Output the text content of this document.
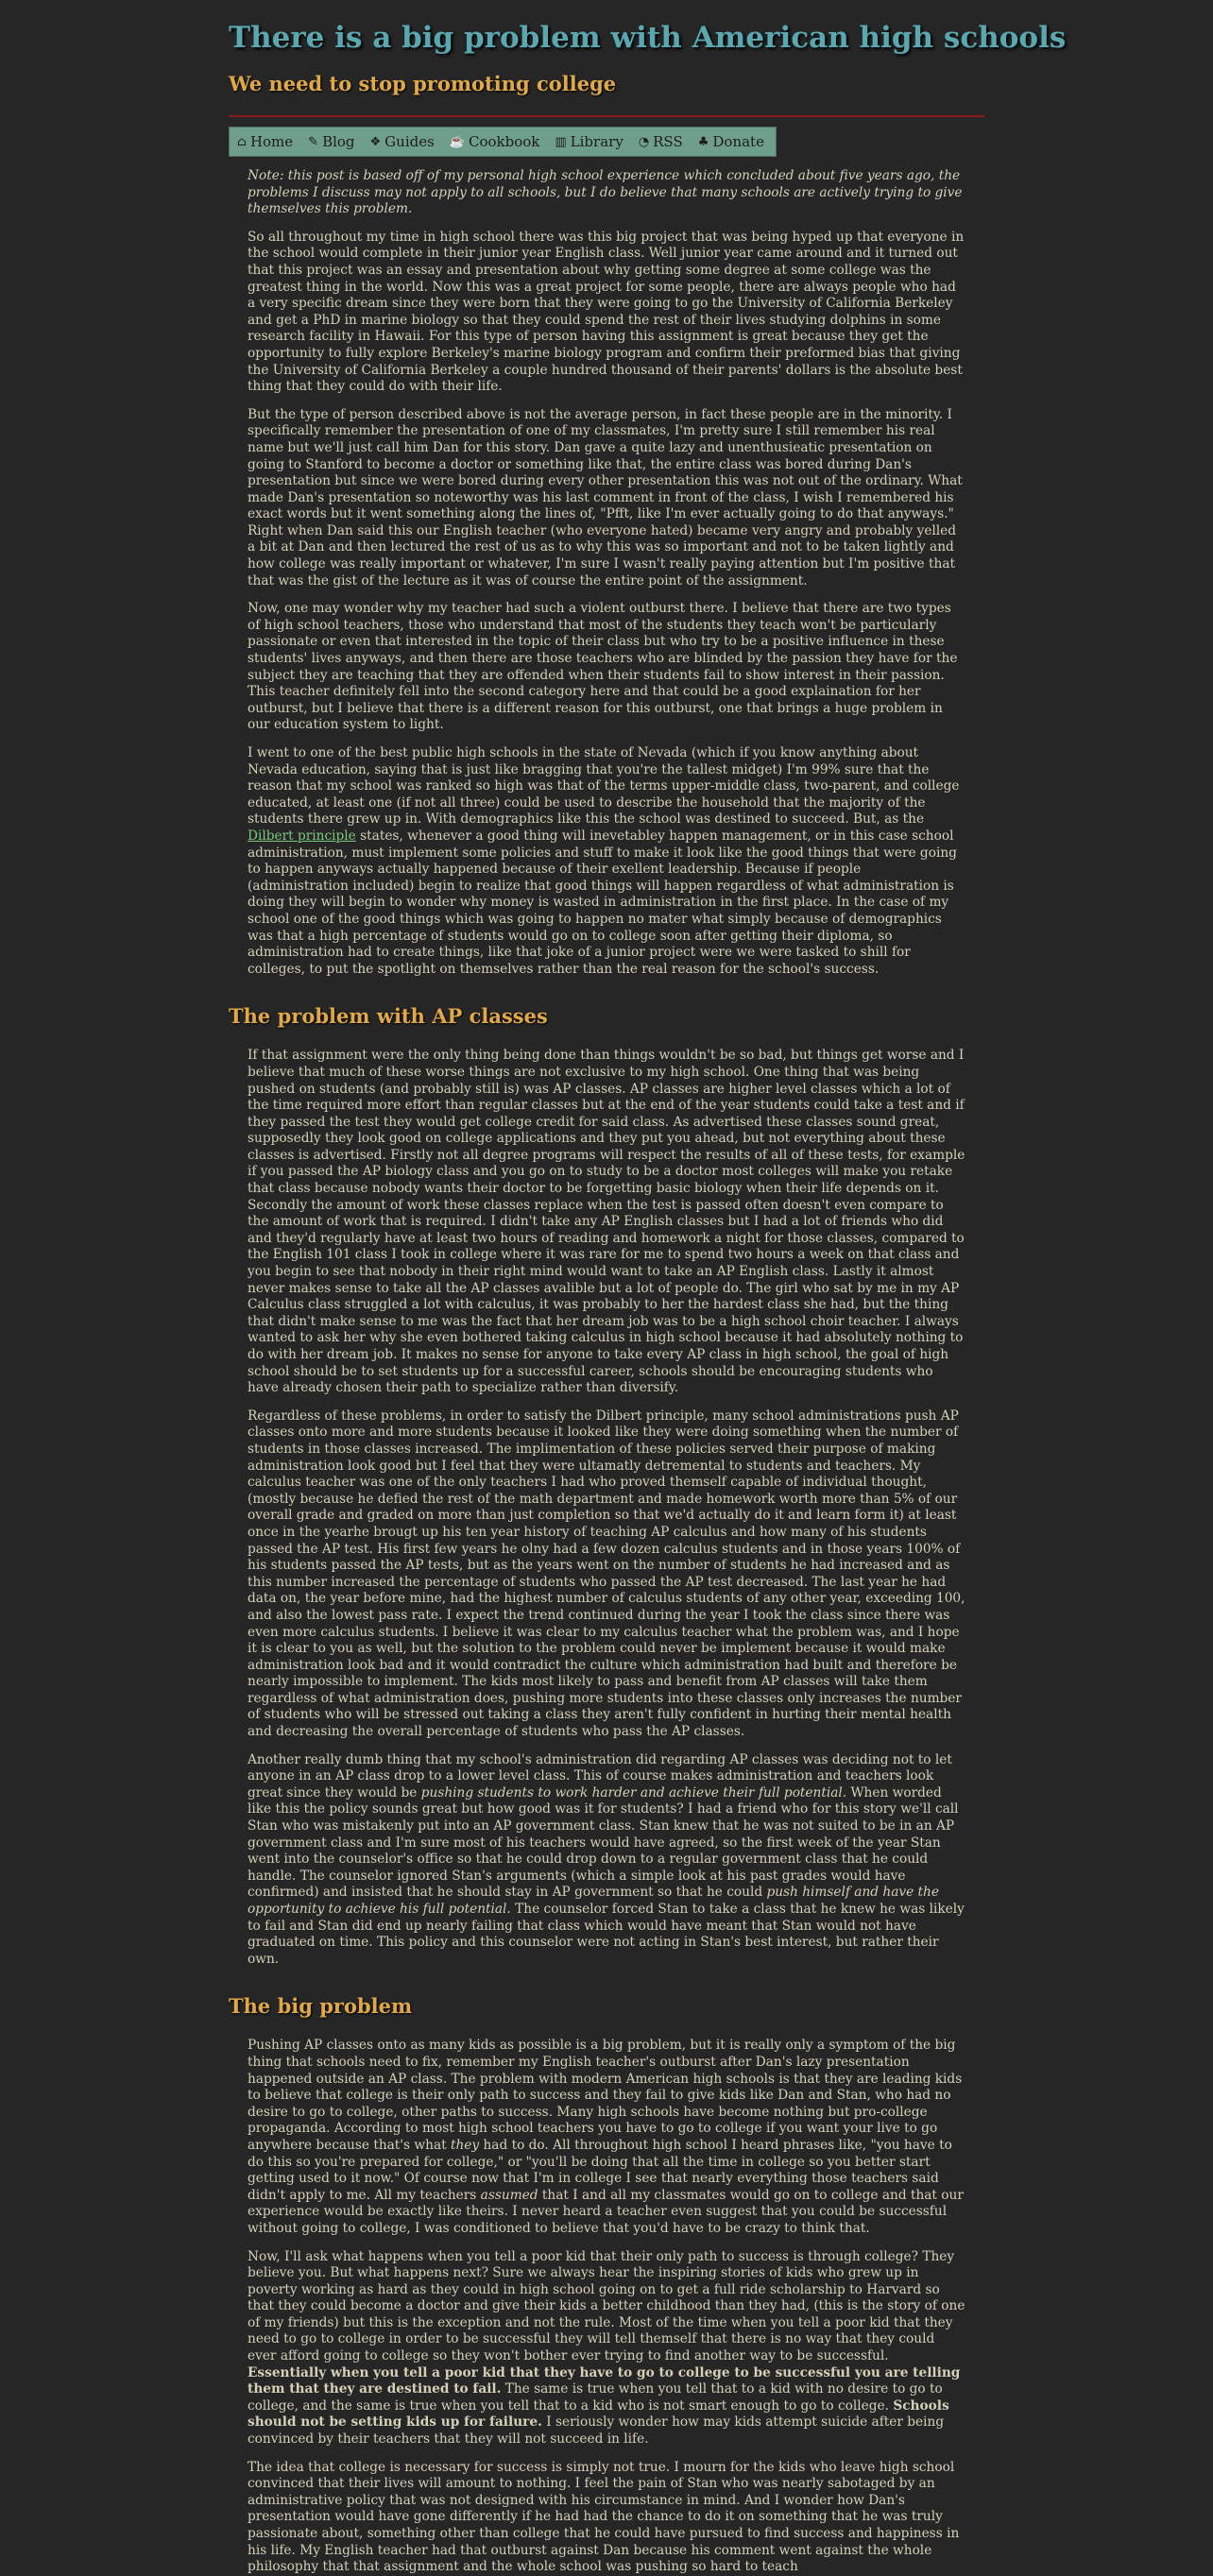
There is a big problem with American high schools
We need to stop promoting college
⌂ Home ✎ Blog ❖ Guides ☕ Cookbook ▥ Library ◔ RSS ♣ Donate

Note: this post is based off of my personal high school experience which concluded about five years ago, the problems I discuss may not apply to all schools, but I do believe that many schools are actively trying to give themselves this problem.

So all throughout my time in high school there was this big project that was being hyped up that everyone in the school would complete in their junior year English class. Well junior year came around and it turned out that this project was an essay and presentation about why getting some degree at some college was the greatest thing in the world. Now this was a great project for some people, there are always people who had a very specific dream since they were born that they were going to go the University of California Berkeley and get a PhD in marine biology so that they could spend the rest of their lives studying dolphins in some research facility in Hawaii. For this type of person having this assignment is great because they get the opportunity to fully explore Berkeley's marine biology program and confirm their preformed bias that giving the University of California Berkeley a couple hundred thousand of their parents' dollars is the absolute best thing that they could do with their life.

But the type of person described above is not the average person, in fact these people are in the minority. I specifically remember the presentation of one of my classmates, I'm pretty sure I still remember his real name but we'll just call him Dan for this story. Dan gave a quite lazy and unenthusieatic presentation on going to Stanford to become a doctor or something like that, the entire class was bored during Dan's presentation but since we were bored during every other presentation this was not out of the ordinary. What made Dan's presentation so noteworthy was his last comment in front of the class, I wish I remembered his exact words but it went something along the lines of, "Pfft, like I'm ever actually going to do that anyways." Right when Dan said this our English teacher (who everyone hated) became very angry and probably yelled a bit at Dan and then lectured the rest of us as to why this was so important and not to be taken lightly and how college was really important or whatever, I'm sure I wasn't really paying attention but I'm positive that that was the gist of the lecture as it was of course the entire point of the assignment.

Now, one may wonder why my teacher had such a violent outburst there. I believe that there are two types of high school teachers, those who understand that most of the students they teach won't be particularly passionate or even that interested in the topic of their class but who try to be a positive influence in these students' lives anyways, and then there are those teachers who are blinded by the passion they have for the subject they are teaching that they are offended when their students fail to show interest in their passion. This teacher definitely fell into the second category here and that could be a good explaination for her outburst, but I believe that there is a different reason for this outburst, one that brings a huge problem in our education system to light.

I went to one of the best public high schools in the state of Nevada (which if you know anything about Nevada education, saying that is just like bragging that you're the tallest midget) I'm 99% sure that the reason that my school was ranked so high was that of the terms upper-middle class, two-parent, and college educated, at least one (if not all three) could be used to describe the household that the majority of the students there grew up in. With demographics like this the school was destined to succeed. But, as the Dilbert principle states, whenever a good thing will inevetabley happen management, or in this case school administration, must implement some policies and stuff to make it look like the good things that were going to happen anyways actually happened because of their exellent leadership. Because if people (administration included) begin to realize that good things will happen regardless of what administration is doing they will begin to wonder why money is wasted in administration in the first place. In the case of my school one of the good things which was going to happen no mater what simply because of demographics was that a high percentage of students would go on to college soon after getting their diploma, so administration had to create things, like that joke of a junior project were we were tasked to shill for colleges, to put the spotlight on themselves rather than the real reason for the school's success.

The problem with AP classes

If that assignment were the only thing being done than things wouldn't be so bad, but things get worse and I believe that much of these worse things are not exclusive to my high school. One thing that was being pushed on students (and probably still is) was AP classes. AP classes are higher level classes which a lot of the time required more effort than regular classes but at the end of the year students could take a test and if they passed the test they would get college credit for said class. As advertised these classes sound great, supposedly they look good on college applications and they put you ahead, but not everything about these classes is advertised. Firstly not all degree programs will respect the results of all of these tests, for example if you passed the AP biology class and you go on to study to be a doctor most colleges will make you retake that class because nobody wants their doctor to be forgetting basic biology when their life depends on it. Secondly the amount of work these classes replace when the test is passed often doesn't even compare to the amount of work that is required. I didn't take any AP English classes but I had a lot of friends who did and they'd regularly have at least two hours of reading and homework a night for those classes, compared to the English 101 class I took in college where it was rare for me to spend two hours a week on that class and you begin to see that nobody in their right mind would want to take an AP English class. Lastly it almost never makes sense to take all the AP classes avalible but a lot of people do. The girl who sat by me in my AP Calculus class struggled a lot with calculus, it was probably to her the hardest class she had, but the thing that didn't make sense to me was the fact that her dream job was to be a high school choir teacher. I always wanted to ask her why she even bothered taking calculus in high school because it had absolutely nothing to do with her dream job. It makes no sense for anyone to take every AP class in high school, the goal of high school should be to set students up for a successful career, schools should be encouraging students who have already chosen their path to specialize rather than diversify.

Regardless of these problems, in order to satisfy the Dilbert principle, many school administrations push AP classes onto more and more students because it looked like they were doing something when the number of students in those classes increased. The implimentation of these policies served their purpose of making administration look good but I feel that they were ultamatly detremental to students and teachers. My calculus teacher was one of the only teachers I had who proved themself capable of individual thought, (mostly because he defied the rest of the math department and made homework worth more than 5% of our overall grade and graded on more than just completion so that we'd actually do it and learn form it) at least once in the yearhe brougt up his ten year history of teaching AP calculus and how many of his students passed the AP test. His first few years he olny had a few dozen calculus students and in those years 100% of his students passed the AP tests, but as the years went on the number of students he had increased and as this number increased the percentage of students who passed the AP test decreased. The last year he had data on, the year before mine, had the highest number of calculus students of any other year, exceeding 100, and also the lowest pass rate. I expect the trend continued during the year I took the class since there was even more calculus students. I believe it was clear to my calculus teacher what the problem was, and I hope it is clear to you as well, but the solution to the problem could never be implement because it would make administration look bad and it would contradict the culture which administration had built and therefore be nearly impossible to implement. The kids most likely to pass and benefit from AP classes will take them regardless of what administration does, pushing more students into these classes only increases the number of students who will be stressed out taking a class they aren't fully confident in hurting their mental health and decreasing the overall percentage of students who pass the AP classes.

Another really dumb thing that my school's administration did regarding AP classes was deciding not to let anyone in an AP class drop to a lower level class. This of course makes administration and teachers look great since they would be pushing students to work harder and achieve their full potential. When worded like this the policy sounds great but how good was it for students? I had a friend who for this story we'll call Stan who was mistakenly put into an AP government class. Stan knew that he was not suited to be in an AP government class and I'm sure most of his teachers would have agreed, so the first week of the year Stan went into the counselor's office so that he could drop down to a regular government class that he could handle. The counselor ignored Stan's arguments (which a simple look at his past grades would have confirmed) and insisted that he should stay in AP government so that he could push himself and have the opportunity to achieve his full potential. The counselor forced Stan to take a class that he knew he was likely to fail and Stan did end up nearly failing that class which would have meant that Stan would not have graduated on time. This policy and this counselor were not acting in Stan's best interest, but rather their own.

The big problem

Pushing AP classes onto as many kids as possible is a big problem, but it is really only a symptom of the big thing that schools need to fix, remember my English teacher's outburst after Dan's lazy presentation happened outside an AP class. The problem with modern American high schools is that they are leading kids to believe that college is their only path to success and they fail to give kids like Dan and Stan, who had no desire to go to college, other paths to success. Many high schools have become nothing but pro-college propaganda. According to most high school teachers you have to go to college if you want your live to go anywhere because that's what they had to do. All throughout high school I heard phrases like, "you have to do this so you're prepared for college," or "you'll be doing that all the time in college so you better start getting used to it now." Of course now that I'm in college I see that nearly everything those teachers said didn't apply to me. All my teachers assumed that I and all my classmates would go on to college and that our experience would be exactly like theirs. I never heard a teacher even suggest that you could be successful without going to college, I was conditioned to believe that you'd have to be crazy to think that.

Now, I'll ask what happens when you tell a poor kid that their only path to success is through college? They believe you. But what happens next? Sure we always hear the inspiring stories of kids who grew up in poverty working as hard as they could in high school going on to get a full ride scholarship to Harvard so that they could become a doctor and give their kids a better childhood than they had, (this is the story of one of my friends) but this is the exception and not the rule. Most of the time when you tell a poor kid that they need to go to college in order to be successful they will tell themself that there is no way that they could ever afford going to college so they won't bother ever trying to find another way to be successful. Essentially when you tell a poor kid that they have to go to college to be successful you are telling them that they are destined to fail. The same is true when you tell that to a kid with no desire to go to college, and the same is true when you tell that to a kid who is not smart enough to go to college. Schools should not be setting kids up for failure. I seriously wonder how may kids attempt suicide after being convinced by their teachers that they will not succeed in life.

The idea that college is necessary for success is simply not true. I mourn for the kids who leave high school convinced that their lives will amount to nothing. I feel the pain of Stan who was nearly sabotaged by an administrative policy that was not designed with his circumstance in mind. And I wonder how Dan's presentation would have gone differently if he had had the chance to do it on something that he was truly passionate about, something other than college that he could have pursued to find success and happiness in his life. My English teacher had that outburst against Dan because his comment went against the whole philosophy that that assignment and the whole school was pushing so hard to teach
